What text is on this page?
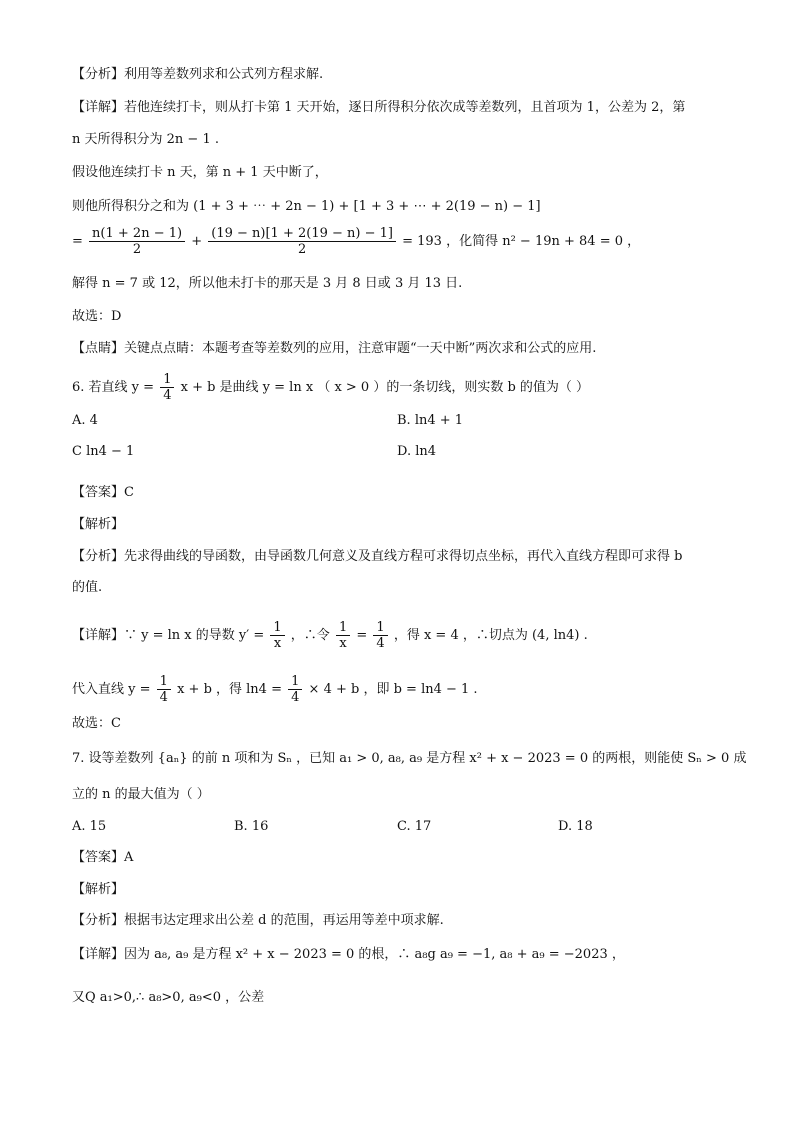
【分析】利用等差数列求和公式列方程求解.
【详解】若他连续打卡，则从打卡第 1 天开始，逐日所得积分依次成等差数列，且首项为 1，公差为 2，第
n 天所得积分为 2n − 1 .
假设他连续打卡 n 天，第 n + 1 天中断了，
则他所得积分之和为 (1 + 3 + ⋯ + 2n − 1) + [1 + 3 + ⋯ + 2(19 − n) − 1]
= $\frac{n(1 + 2n - 1)}{2} + \frac{(19 - n)[1 + 2(19 - n) - 1]}{2} = 193$ ，化简得 n² − 19n + 84 = 0 ，
解得 n = 7 或 12，所以他未打卡的那天是 3 月 8 日或 3 月 13 日.
故选：D
【点睛】关键点点睛：本题考查等差数列的应用，注意审题“一天中断”两次求和公式的应用.
6. 若直线 $y = \frac{1}{4}$ x + b 是曲线 y = ln x （ x > 0 ）的一条切线，则实数 b 的值为（ ）
A. 4	B. ln4 + 1
C ln4 − 1	D. ln4
【答案】C
【解析】
【分析】先求得曲线的导函数，由导函数几何意义及直线方程可求得切点坐标，再代入直线方程即可求得 b
的值.
【详解】∵ y = ln x 的导数 $y' = \frac{1}{x}$ ，∴令 $\frac{1}{x} = \frac{1}{4}$ ，得 x = 4 ，∴切点为 (4, ln4) .
代入直线 $y = \frac{1}{4}$ x + b ，得 $\ln 4 = \frac{1}{4} \times 4 + b$ ，即 b = ln4 − 1 .
故选：C
7. 设等差数列 {aₙ} 的前 n 项和为 Sₙ ，已知 a₁ > 0, a₈, a₉ 是方程 x² + x − 2023 = 0 的两根，则能使 Sₙ > 0 成
立的 n 的最大值为（ ）
A. 15	B. 16	C. 17	D. 18
【答案】A
【解析】
【分析】根据韦达定理求出公差 d 的范围，再运用等差中项求解.
【详解】因为 a₈, a₉ 是方程 x² + x − 2023 = 0 的根，∴ a₈g a₉ = −1, a₈ + a₉ = −2023 ，
又Q a₁>0,∴ a₈>0, a₉<0 ，公差
